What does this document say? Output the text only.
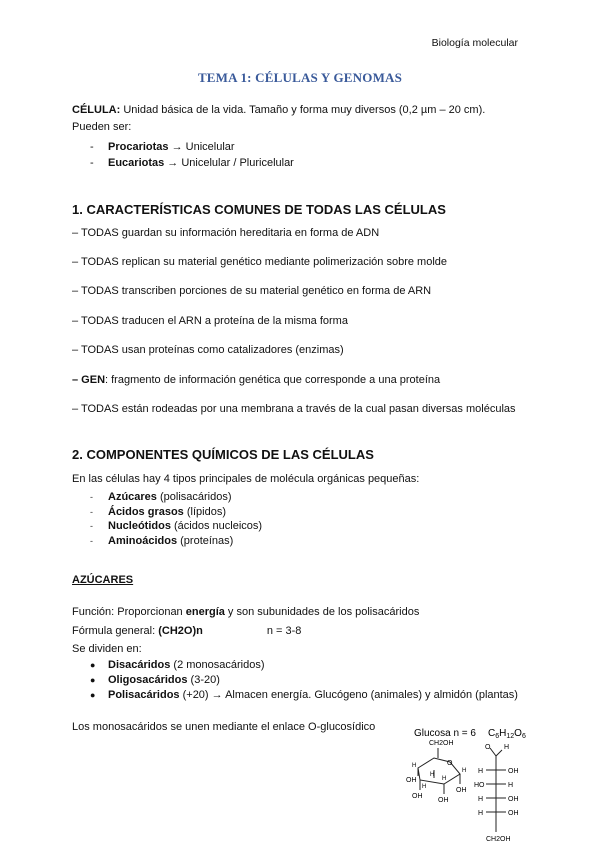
Biología molecular
TEMA 1: CÉLULAS Y GENOMAS
CÉLULA: Unidad básica de la vida. Tamaño y forma muy diversos (0,2 µm – 20 cm).
Pueden ser:
- Procariotas → Unicelular
- Eucariotas → Unicelular / Pluricelular
1. CARACTERÍSTICAS COMUNES DE TODAS LAS CÉLULAS
– TODAS guardan su información hereditaria en forma de ADN
– TODAS replican su material genético mediante polimerización sobre molde
– TODAS transcriben porciones de su material genético en forma de ARN
– TODAS traducen el ARN a proteína de la misma forma
– TODAS usan proteínas como catalizadores (enzimas)
– GEN: fragmento de información genética que corresponde a una proteína
– TODAS están rodeadas por una membrana a través de la cual pasan diversas moléculas
2. COMPONENTES QUÍMICOS DE LAS CÉLULAS
En las células hay 4 tipos principales de molécula orgánicas pequeñas:
- Azúcares (polisacáridos)
- Ácidos grasos (lípidos)
- Nucleótidos (ácidos nucleicos)
- Aminoácidos (proteínas)
AZÚCARES
Función: Proporcionan energía y son subunidades de los polisacáridos
Fórmula general: (CH2O)n	n = 3-8
Se dividen en:
● Disacáridos (2 monosacáridos)
● Oligosacáridos (3-20)
● Polisacáridos (+20) → Almacen energía. Glucógeno (animales) y almidón (plantas)
Los monosacáridos se unen mediante el enlace O-glucosídico
Glucosa n = 6 $C_6H_{12}O_6$
CH2OH
O
H
OH
H
OH
OH
H
OH
H
H
O H
H	OH
HO	H
H	OH
H	OH
CH2OH
